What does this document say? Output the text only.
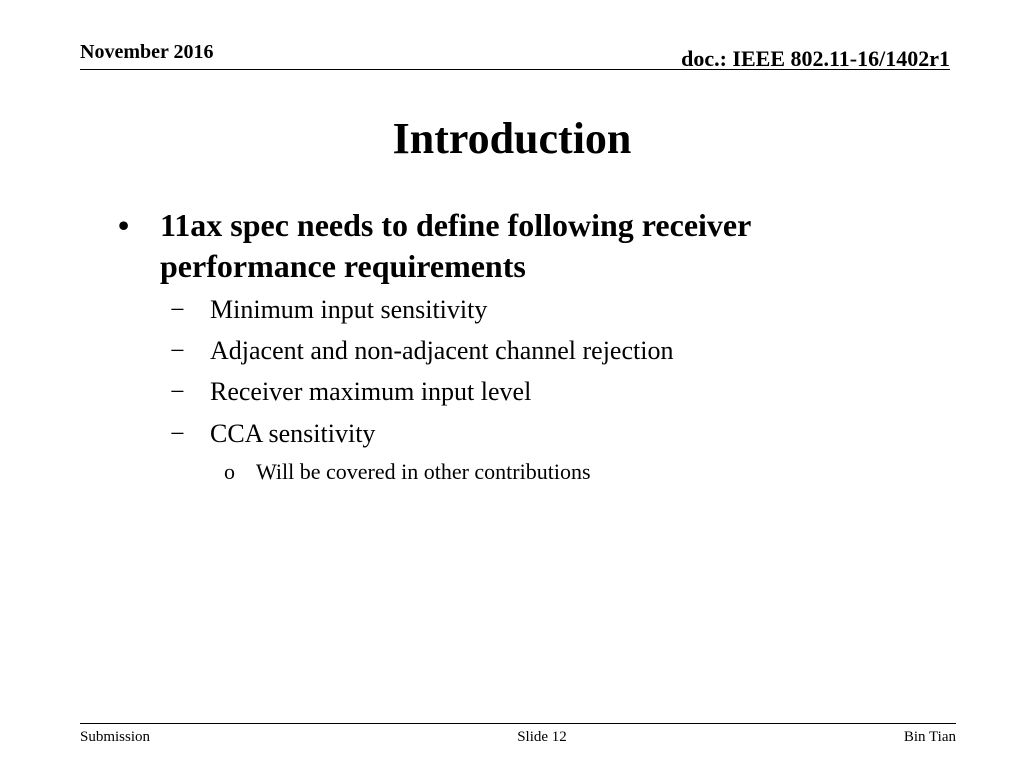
November 2016	doc.: IEEE 802.11-16/1402r1
Introduction
• 11ax spec needs to define following receiver performance requirements
− Minimum input sensitivity
− Adjacent and non-adjacent channel rejection
− Receiver maximum input level
− CCA sensitivity
o Will be covered in other contributions
Submission	Slide 12	Bin Tian
